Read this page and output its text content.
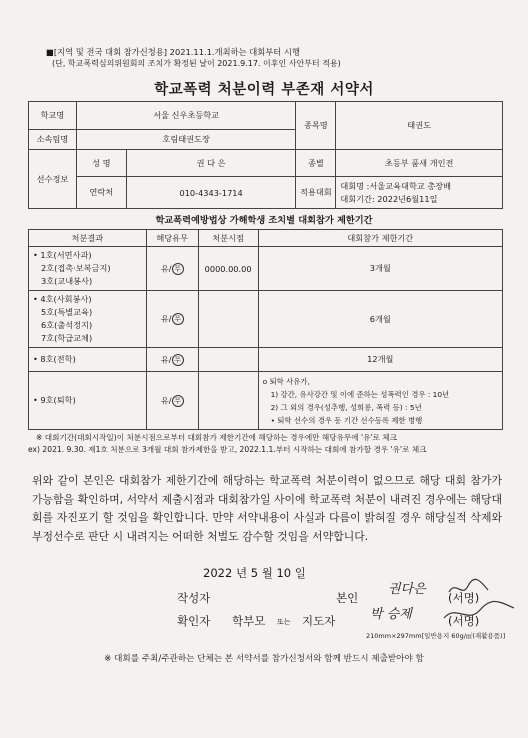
■[지역 및 전국 대회 참가신청용] 2021.11.1.개최하는 대회부터 시행
(단, 학교폭력심의위원회의 조치가 확정된 날이 2021.9.17. 이후인 사안부터 적용)
학교폭력 처분이력 부존재 서약서
학교명	서울 신우초등학교		종목명	태권도
소속팀명	호림태권도장			
선수정보	성 명	권 다 은	종별	초등부 품새 개인전
	연락처	010-4343-1714	적용대회	대회명 :서울교육대학교 총장배
대회기간: 2022년6월11일
학교폭력예방법상 가해학생 조치별 대회참가 제한기간
처분결과	해당유무	처분시점	대회참가 제한기간

• 1호(서면사과)
2호(접촉·보복금지)
3호(교내봉사)	유/ 무	0000.00.00	3개월

• 4호(사회봉사)
5호(특별교육)
6호(출석정지)
7호(학급교체)	유/ 무		6개월
• 8호(전학)	유/ 무		12개월
• 9호(퇴학)	유/ 무		o 퇴학 사유가,
1) 강간, 유사강간 및 이에 준하는 성폭력인 경우 : 10년
2) 그 외의 경우(성추행, 성희롱, 폭력 등) : 5년
• 퇴학 선수의 경우 동 기간 선수등록 제한 병행
※ 대회기간(대회시작일)이 처분시점으로부터 대회참가 제한기간에 해당하는 경우에만 해당유무에 '유'로 체크
ex) 2021. 9.30. 제1호 처분으로 3개월 대회 참가제한을 받고, 2022.1.1.부터 시작하는 대회에 참가할 경우 '유'로 체크
위와 같이 본인은 대회참가 제한기간에 해당하는 학교폭력 처분이력이 없으므로 해당 대회 참가가 가능함을 확인하며, 서약서 제출시점과 대회참가일 사이에 학교폭력 처분이 내려진 경우에는 해당대회를 자진포기 할 것임을 확인합니다. 만약 서약내용이 사실과 다름이 밝혀질 경우 해당실적 삭제와 부정선수로 판단 시 내려지는 어떠한 처벌도 감수할 것임을 서약합니다.
2022 년 5 월 10 일
작성자	본인
권다은
(서명)
확인자 학부모 또는 지도자	박 승제	(서명)
210mm×297mm[일반용지 60g/㎡(재활용품)]
※ 대회를 주최/주관하는 단체는 본 서약서를 참가신청서와 함께 반드시 제출받아야 함
